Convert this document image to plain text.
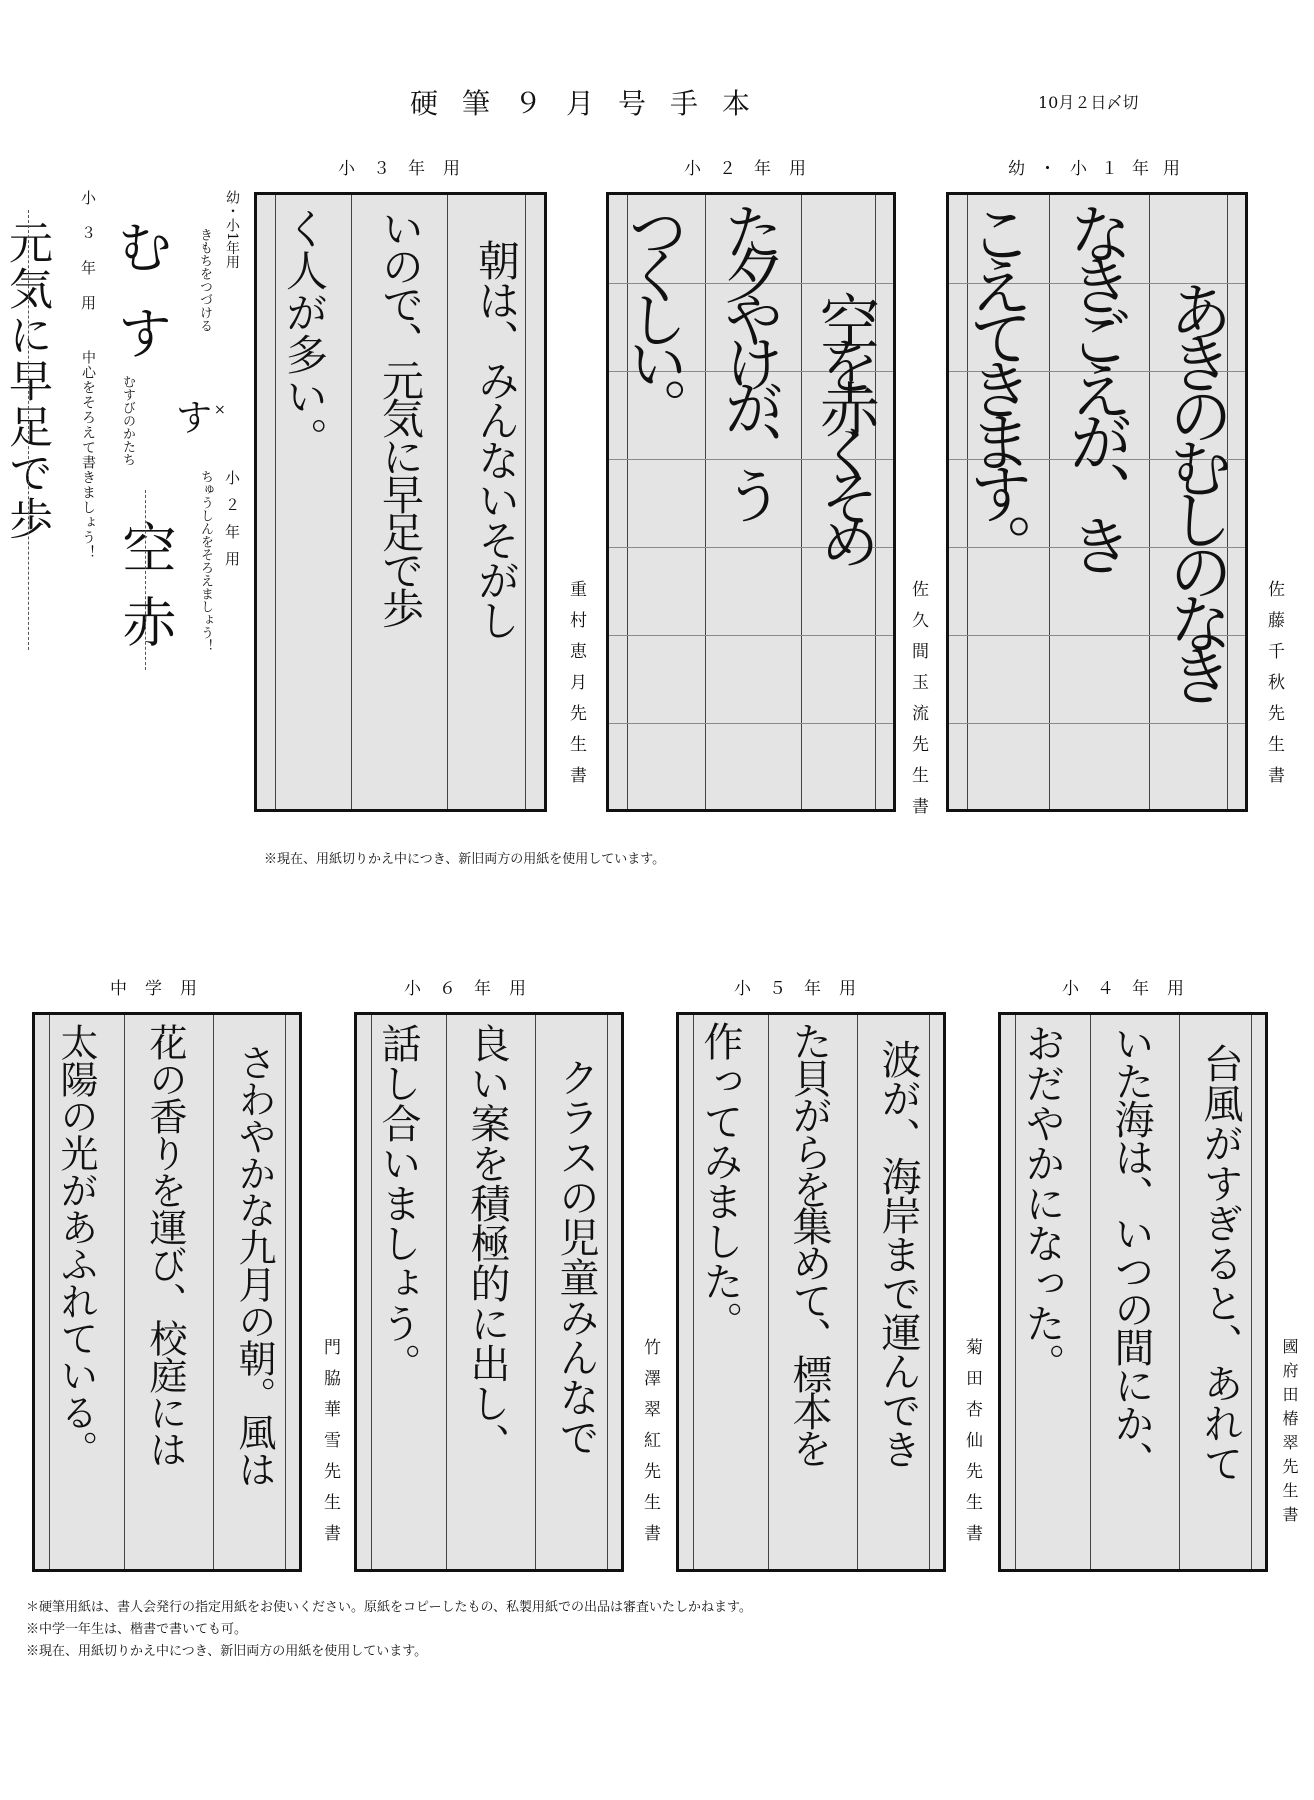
硬筆９月号手本	10月２日〆切
元気に早足で歩 小３年用
中心をそろえて書きましょう！
幼・小1年用
きもちをつづける
むす
むすびのかたち す ×
小２年用
ちゅうしんをそろえましょう！
空赤
小３年用
朝は、みんないそがし
いので、元気に早足で歩
く人が多い。
重村恵月先生書
小２年用
空を赤くそめ
た夕やけが、う
つくしい。
佐久間玉流先生書
幼・小１年用
あきのむしのなき
なきごえが、き
こえてきます。
佐藤千秋先生書
※現在、用紙切りかえ中につき、新旧両方の用紙を使用しています。
中学用
さわやかな九月の朝。風は
花の香りを運び、校庭には
太陽の光があふれている。	門脇華雪先生書
小６年用
クラスの児童みんなで
良い案を積極的に出し、
話し合いましょう。
竹澤翠紅先生書
小５年用
波が、海岸まで運んでき
た貝がらを集めて、標本を
作ってみました。
菊田杏仙先生書
小４年用
台風がすぎると、あれて
いた海は、いつの間にか、
おだやかになった。
國府田椿翠先生書
＊硬筆用紙は、書人会発行の指定用紙をお使いください。原紙をコピーしたもの、私製用紙での出品は審査いたしかねます。
※中学一年生は、楷書で書いても可。
※現在、用紙切りかえ中につき、新旧両方の用紙を使用しています。
